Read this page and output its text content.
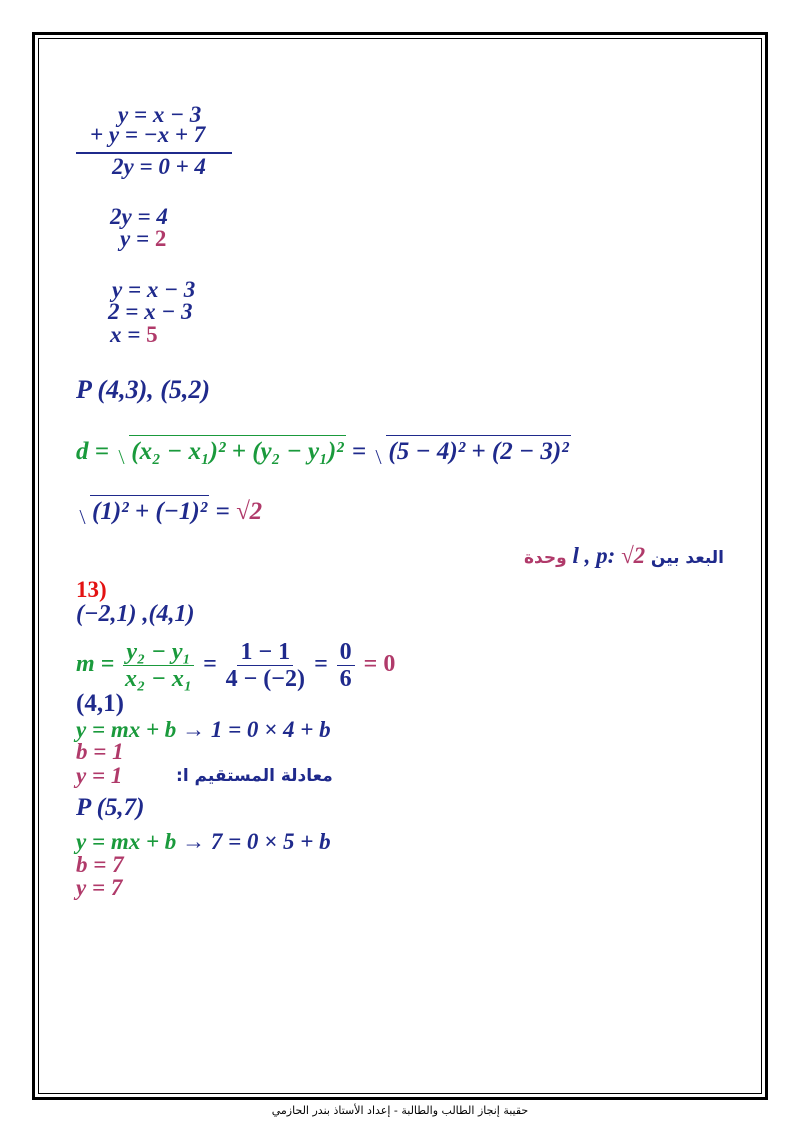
y = x − 3
+ y = −x + 7
2y = 0 + 4
2y = 4
y = 2
y = x − 3
2 = x − 3
x = 5
P (4,3), (5,2)
d = (x₂ − x₁)² + (y₂ − y₁)² = (5 − 4)² + (2 − 3)²
(1)² + (−1)² = √2
البعد بين l , p: √2 وحدة
13)
(−2,1) ,(4,1)
$m = \frac{\text{y₂ − y₁}}{\text{x₂ − x₁}} = \frac{1 - 1}{4 - (-2)} = \frac{0}{6} = 0$
(4,1)
y = mx + b → 1 = 0 × 4 + b
b = 1
y = 1	معادلة المستقيم l:
P (5,7)
y = mx + b → 7 = 0 × 5 + b
b = 7
y = 7
حقيبة إنجاز الطالب والطالبة - إعداد الأستاذ بندر الحازمي
